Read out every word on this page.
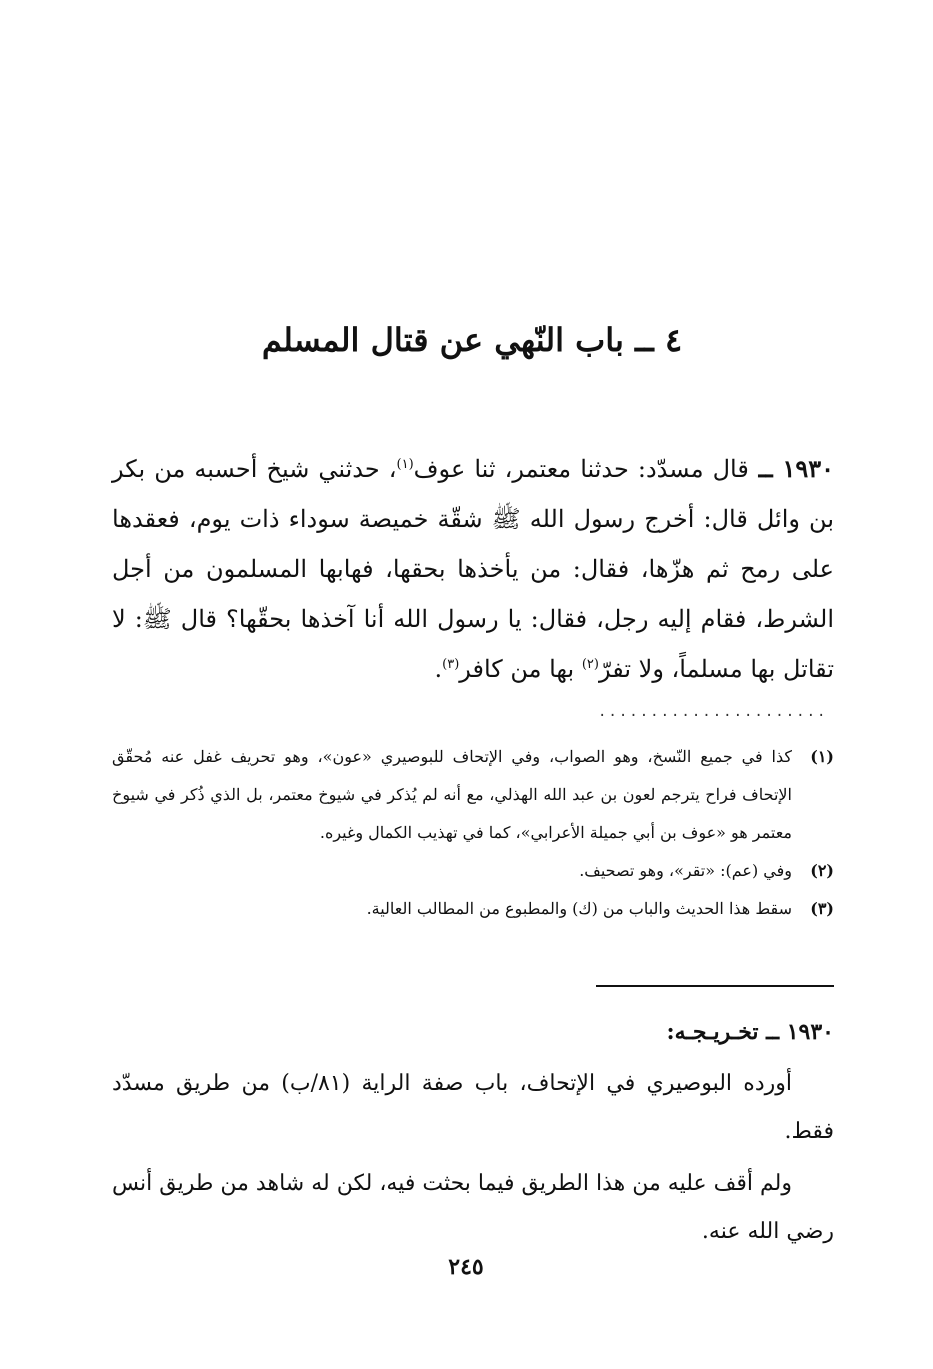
٤ ــ باب النّهي عن قتال المسلم

١٩٣٠ ــ قال مسدّد: حدثنا معتمر، ثنا عوف$^{(١)}$، حدثني شيخ أحسبه من بكر بن وائل قال: أخرج رسول الله ﷺ شقّة خميصة سوداء ذات يوم، فعقدها على رمح ثم هزّها، فقال: من يأخذها بحقها، فهابها المسلمون من أجل الشرط، فقام إليه رجل، فقال: يا رسول الله أنا آخذها بحقّها؟ قال ﷺ: لا تقاتل بها مسلماً، ولا تفرّ$^{(٢)}$ بها من كافر$^{(٣)}$.

......................
(١)
كذا في جميع النّسخ، وهو الصواب، وفي الإتحاف للبوصيري «عون»، وهو تحريف غفل عنه مُحقّق الإتحاف فراح يترجم لعون بن عبد الله الهذلي، مع أنه لم يُذكر في شيوخ معتمر، بل الذي ذُكر في شيوخ معتمر هو «عوف بن أبي جميلة الأعرابي»، كما في تهذيب الكمال وغيره.
(٢)
وفي (عم): «تقر»، وهو تصحيف.
(٣)
سقط هذا الحديث والباب من (ك) والمطبوع من المطالب العالية.
١٩٣٠ ــ تخـريـجـه:

أورده البوصيري في الإتحاف، باب صفة الراية (٨١/ب) من طريق مسدّد فقط.

ولم أقف عليه من هذا الطريق فيما بحثت فيه، لكن له شاهد من طريق أنس رضي الله عنه.

٢٤٥
